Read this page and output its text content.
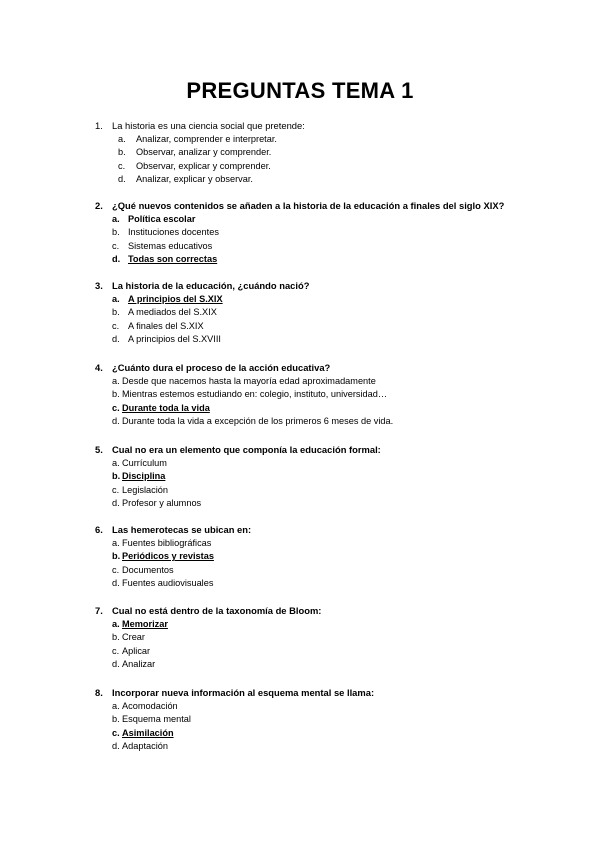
PREGUNTAS TEMA 1
1. La historia es una ciencia social que pretende:
a. Analizar, comprender e interpretar.
b. Observar, analizar y comprender.
c. Observar, explicar y comprender.
d. Analizar, explicar y observar.
2. ¿Qué nuevos contenidos se añaden a la historia de la educación a finales del siglo XIX?
a. Política escolar
b. Instituciones docentes
c. Sistemas educativos
d. Todas son correctas
3. La historia de la educación, ¿cuándo nació?
a. A principios del S.XIX
b. A mediados del S.XIX
c. A finales del S.XIX
d. A principios del S.XVIII
4. ¿Cuánto dura el proceso de la acción educativa?
a. Desde que nacemos hasta la mayoría edad aproximadamente
b. Mientras estemos estudiando en: colegio, instituto, universidad…
c. Durante toda la vida
d. Durante toda la vida a excepción de los primeros 6 meses de vida.
5. Cual no era un elemento que componía la educación formal:
a. Currículum
b. Disciplina
c. Legislación
d. Profesor y alumnos
6. Las hemerotecas se ubican en:
a. Fuentes bibliográficas
b. Periódicos y revistas
c. Documentos
d. Fuentes audiovisuales
7. Cual no está dentro de la taxonomía de Bloom:
a. Memorizar
b. Crear
c. Aplicar
d. Analizar
8. Incorporar nueva información al esquema mental se llama:
a. Acomodación
b. Esquema mental
c. Asimilación
d. Adaptación
